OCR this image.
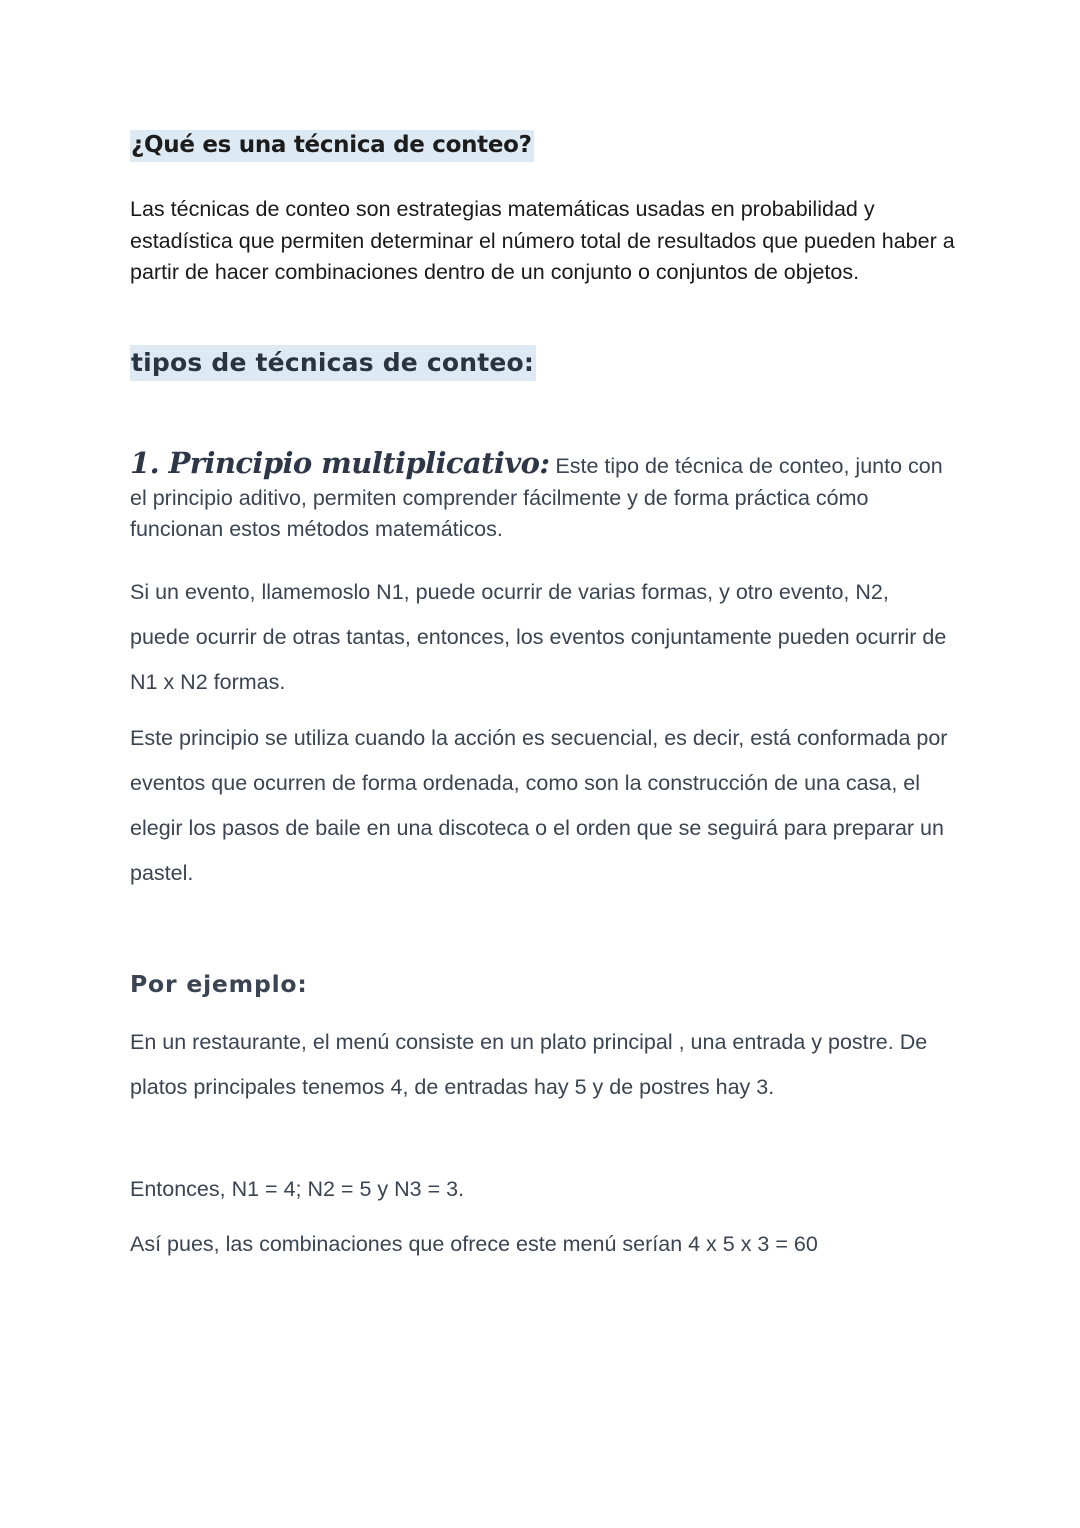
¿Qué es una técnica de conteo?

Las técnicas de conteo son estrategias matemáticas usadas en probabilidad y estadística que permiten determinar el número total de resultados que pueden haber a partir de hacer combinaciones dentro de un conjunto o conjuntos de objetos.

tipos de técnicas de conteo:

1. Principio multiplicativo: Este tipo de técnica de conteo, junto con el principio aditivo, permiten comprender fácilmente y de forma práctica cómo funcionan estos métodos matemáticos.

Si un evento, llamemoslo N1, puede ocurrir de varias formas, y otro evento, N2, puede ocurrir de otras tantas, entonces, los eventos conjuntamente pueden ocurrir de N1 x N2 formas.

Este principio se utiliza cuando la acción es secuencial, es decir, está conformada por eventos que ocurren de forma ordenada, como son la construcción de una casa, el elegir los pasos de baile en una discoteca o el orden que se seguirá para preparar un pastel.

Por ejemplo:

En un restaurante, el menú consiste en un plato principal , una entrada y postre. De platos principales tenemos 4, de entradas hay 5 y de postres hay 3.

Entonces, N1 = 4; N2 = 5 y N3 = 3.

Así pues, las combinaciones que ofrece este menú serían 4 x 5 x 3 = 60
